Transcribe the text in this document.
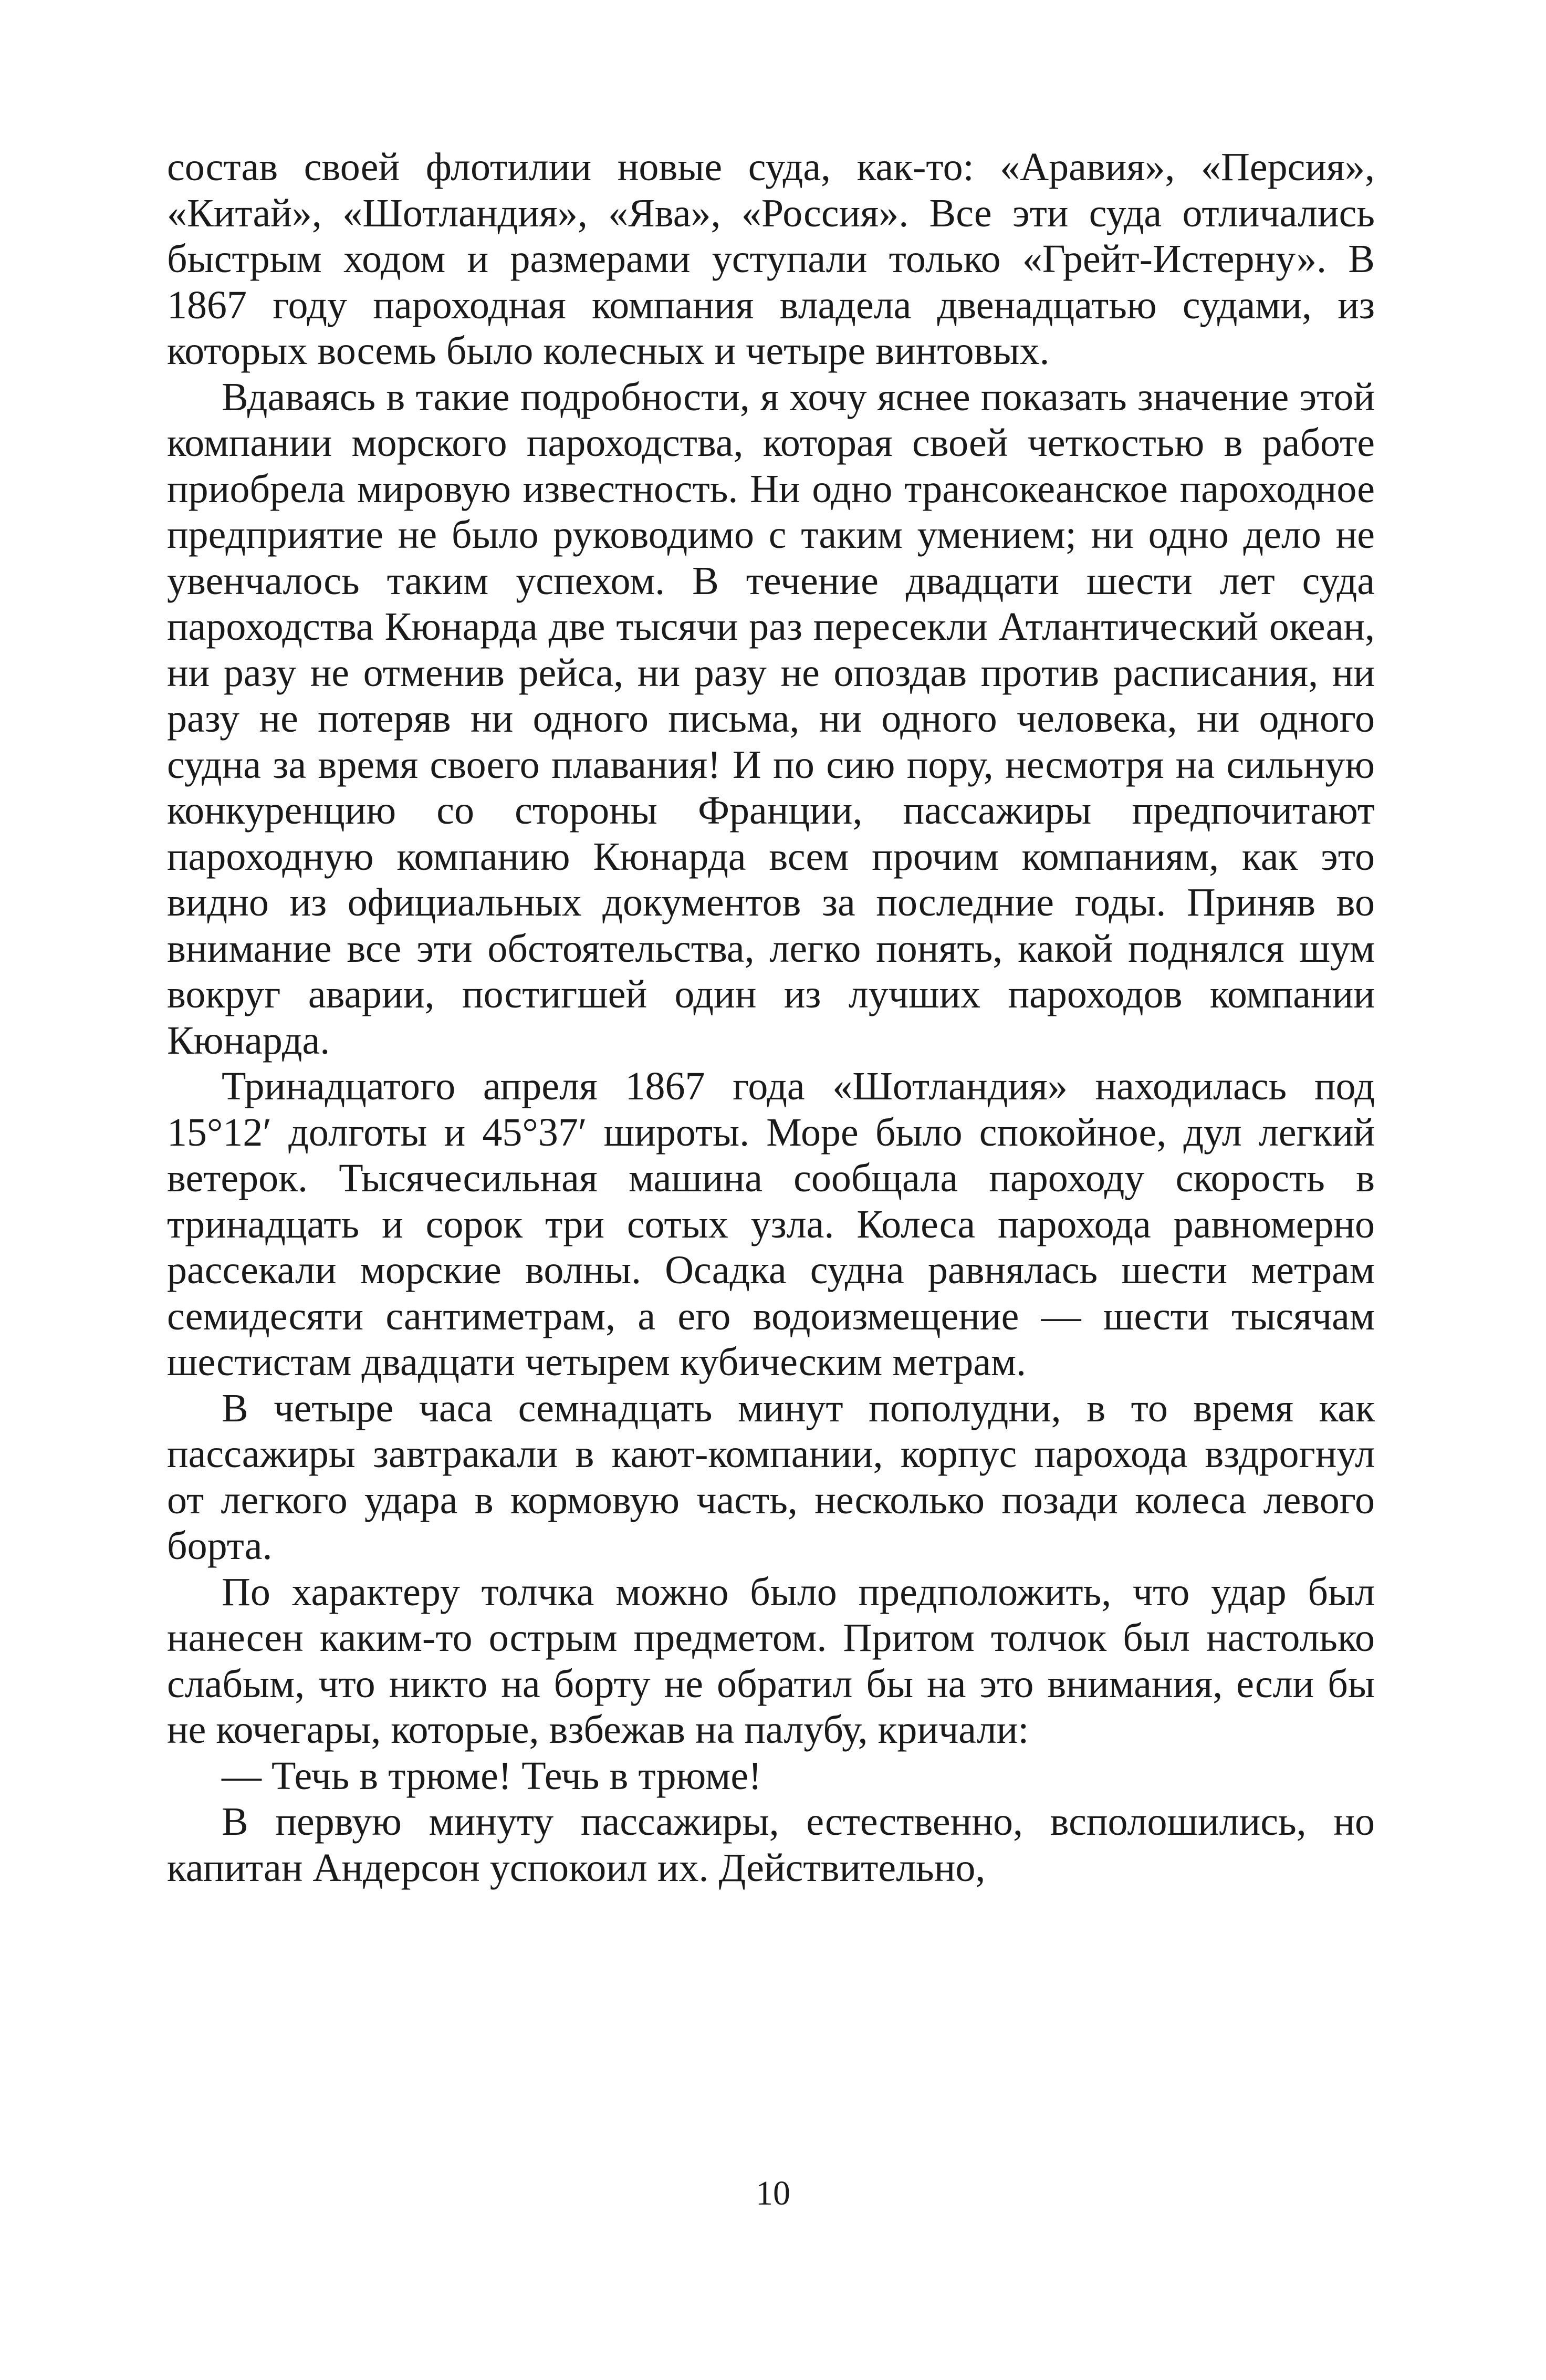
состав своей флотилии новые суда, как-то: «Аравия», «Персия», «Китай», «Шотландия», «Ява», «Россия». Все эти суда отличались быстрым ходом и размерами уступали только «Грейт-Истерну». В 1867 году пароходная компания владела двенадцатью судами, из которых восемь было колесных и четыре винтовых.

Вдаваясь в такие подробности, я хочу яснее показать значение этой компании морского пароходства, которая своей четкостью в работе приобрела мировую известность. Ни одно трансокеанское пароходное предприятие не было руководимо с таким умением; ни одно дело не увенчалось таким успехом. В течение двадцати шести лет суда пароходства Кюнарда две тысячи раз пересекли Атлантический океан, ни разу не отменив рейса, ни разу не опоздав против расписания, ни разу не потеряв ни одного письма, ни одного человека, ни одного судна за время своего плавания! И по сию пору, несмотря на сильную конкуренцию со стороны Франции, пассажиры предпочитают пароходную компанию Кюнарда всем прочим компаниям, как это видно из официальных документов за последние годы. Приняв во внимание все эти обстоятельства, легко понять, какой поднялся шум вокруг аварии, постигшей один из лучших пароходов компании Кюнарда.

Тринадцатого апреля 1867 года «Шотландия» находилась под 15°12′ долготы и 45°37′ широты. Море было спокойное, дул легкий ветерок. Тысячесильная машина сообщала пароходу скорость в тринадцать и сорок три сотых узла. Колеса парохода равномерно рассекали морские волны. Осадка судна равнялась шести метрам семидесяти сантиметрам, а его водоизмещение — шести тысячам шестистам двадцати четырем кубическим метрам.

В четыре часа семнадцать минут пополудни, в то время как пассажиры завтракали в кают-компании, корпус парохода вздрогнул от легкого удара в кормовую часть, несколько позади колеса левого борта.

По характеру толчка можно было предположить, что удар был нанесен каким-то острым предметом. Притом толчок был настолько слабым, что никто на борту не обратил бы на это внимания, если бы не кочегары, которые, взбежав на палубу, кричали:

— Течь в трюме! Течь в трюме!

В первую минуту пассажиры, естественно, всполошились, но капитан Андерсон успокоил их. Действительно,

10
